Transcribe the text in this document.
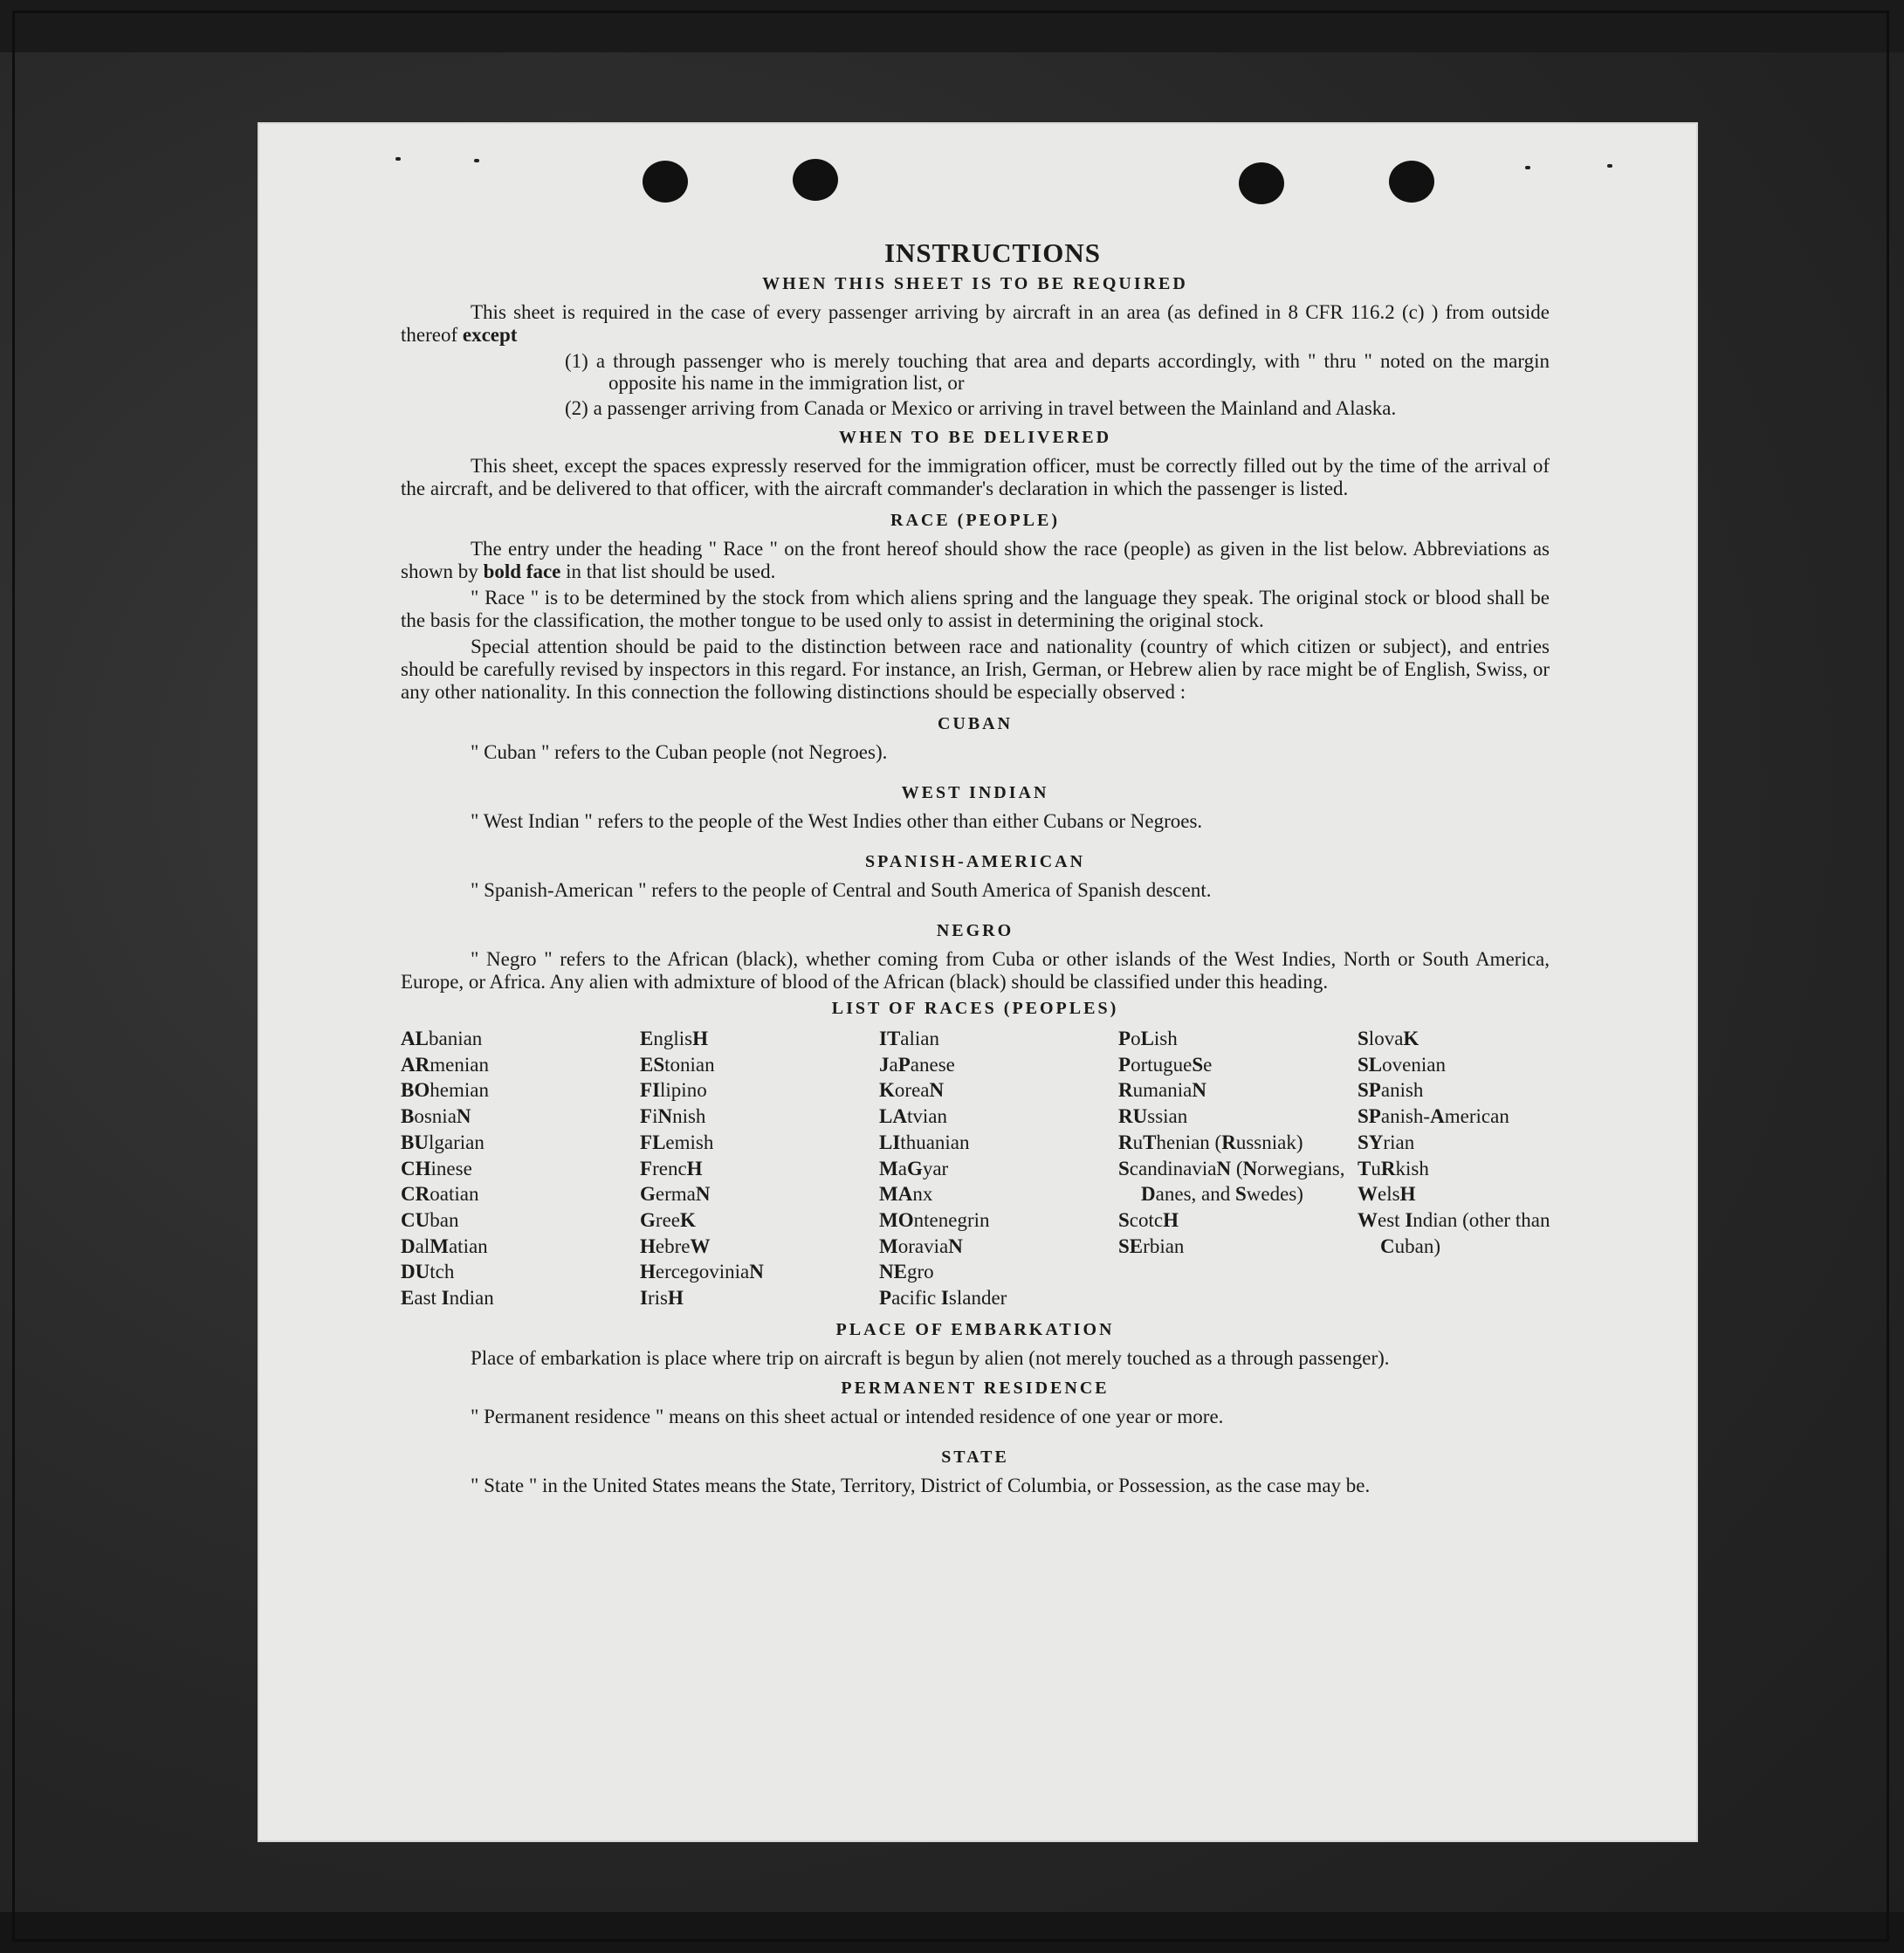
INSTRUCTIONS
WHEN THIS SHEET IS TO BE REQUIRED

This sheet is required in the case of every passenger arriving by aircraft in an area (as defined in 8 CFR 116.2 (c) ) from outside thereof except

(1) a through passenger who is merely touching that area and departs accordingly, with " thru " noted on the margin opposite his name in the immigration list, or
(2) a passenger arriving from Canada or Mexico or arriving in travel between the Mainland and Alaska.
WHEN TO BE DELIVERED

This sheet, except the spaces expressly reserved for the immigration officer, must be correctly filled out by the time of the arrival of the aircraft, and be delivered to that officer, with the aircraft commander's declaration in which the passenger is listed.

RACE (PEOPLE)

The entry under the heading " Race " on the front hereof should show the race (people) as given in the list below. Abbreviations as shown by bold face in that list should be used.

" Race " is to be determined by the stock from which aliens spring and the language they speak. The original stock or blood shall be the basis for the classification, the mother tongue to be used only to assist in determining the original stock.

Special attention should be paid to the distinction between race and nationality (country of which citizen or subject), and entries should be carefully revised by inspectors in this regard. For instance, an Irish, German, or Hebrew alien by race might be of English, Swiss, or any other nationality. In this connection the following distinctions should be especially observed :

CUBAN

" Cuban " refers to the Cuban people (not Negroes).

WEST INDIAN

" West Indian " refers to the people of the West Indies other than either Cubans or Negroes.

SPANISH-AMERICAN

" Spanish-American " refers to the people of Central and South America of Spanish descent.

NEGRO

" Negro " refers to the African (black), whether coming from Cuba or other islands of the West Indies, North or South America, Europe, or Africa. Any alien with admixture of blood of the African (black) should be classified under this heading.

LIST OF RACES (PEOPLES)
ALbanian
ARmenian
BOhemian
BosniaN
BUlgarian
CHinese
CRoatian
CUban
DalMatian
DUtch
East Indian
EnglisH
EStonian
FIlipino
FiNnish
FLemish
FrencH
GermaN
GreeK
HebreW
HercegoviniaN
IrisH
ITalian
JaPanese
KoreaN
LAtvian
LIthuanian
MaGyar
MAnx
MOntenegrin
MoraviaN
NEgro
Pacific Islander
PoLish
PortugueSe
RumaniaN
RUssian
RuThenian (Russniak)
ScandinaviaN (Norwegians, Danes, and Swedes)
ScotcH
SErbian
SlovaK
SLovenian
SPanish
SPanish-American
SYrian
TuRkish
WelsH
West Indian (other than Cuban)
PLACE OF EMBARKATION

Place of embarkation is place where trip on aircraft is begun by alien (not merely touched as a through passenger).

PERMANENT RESIDENCE

" Permanent residence " means on this sheet actual or intended residence of one year or more.

STATE

" State " in the United States means the State, Territory, District of Columbia, or Possession, as the case may be.
